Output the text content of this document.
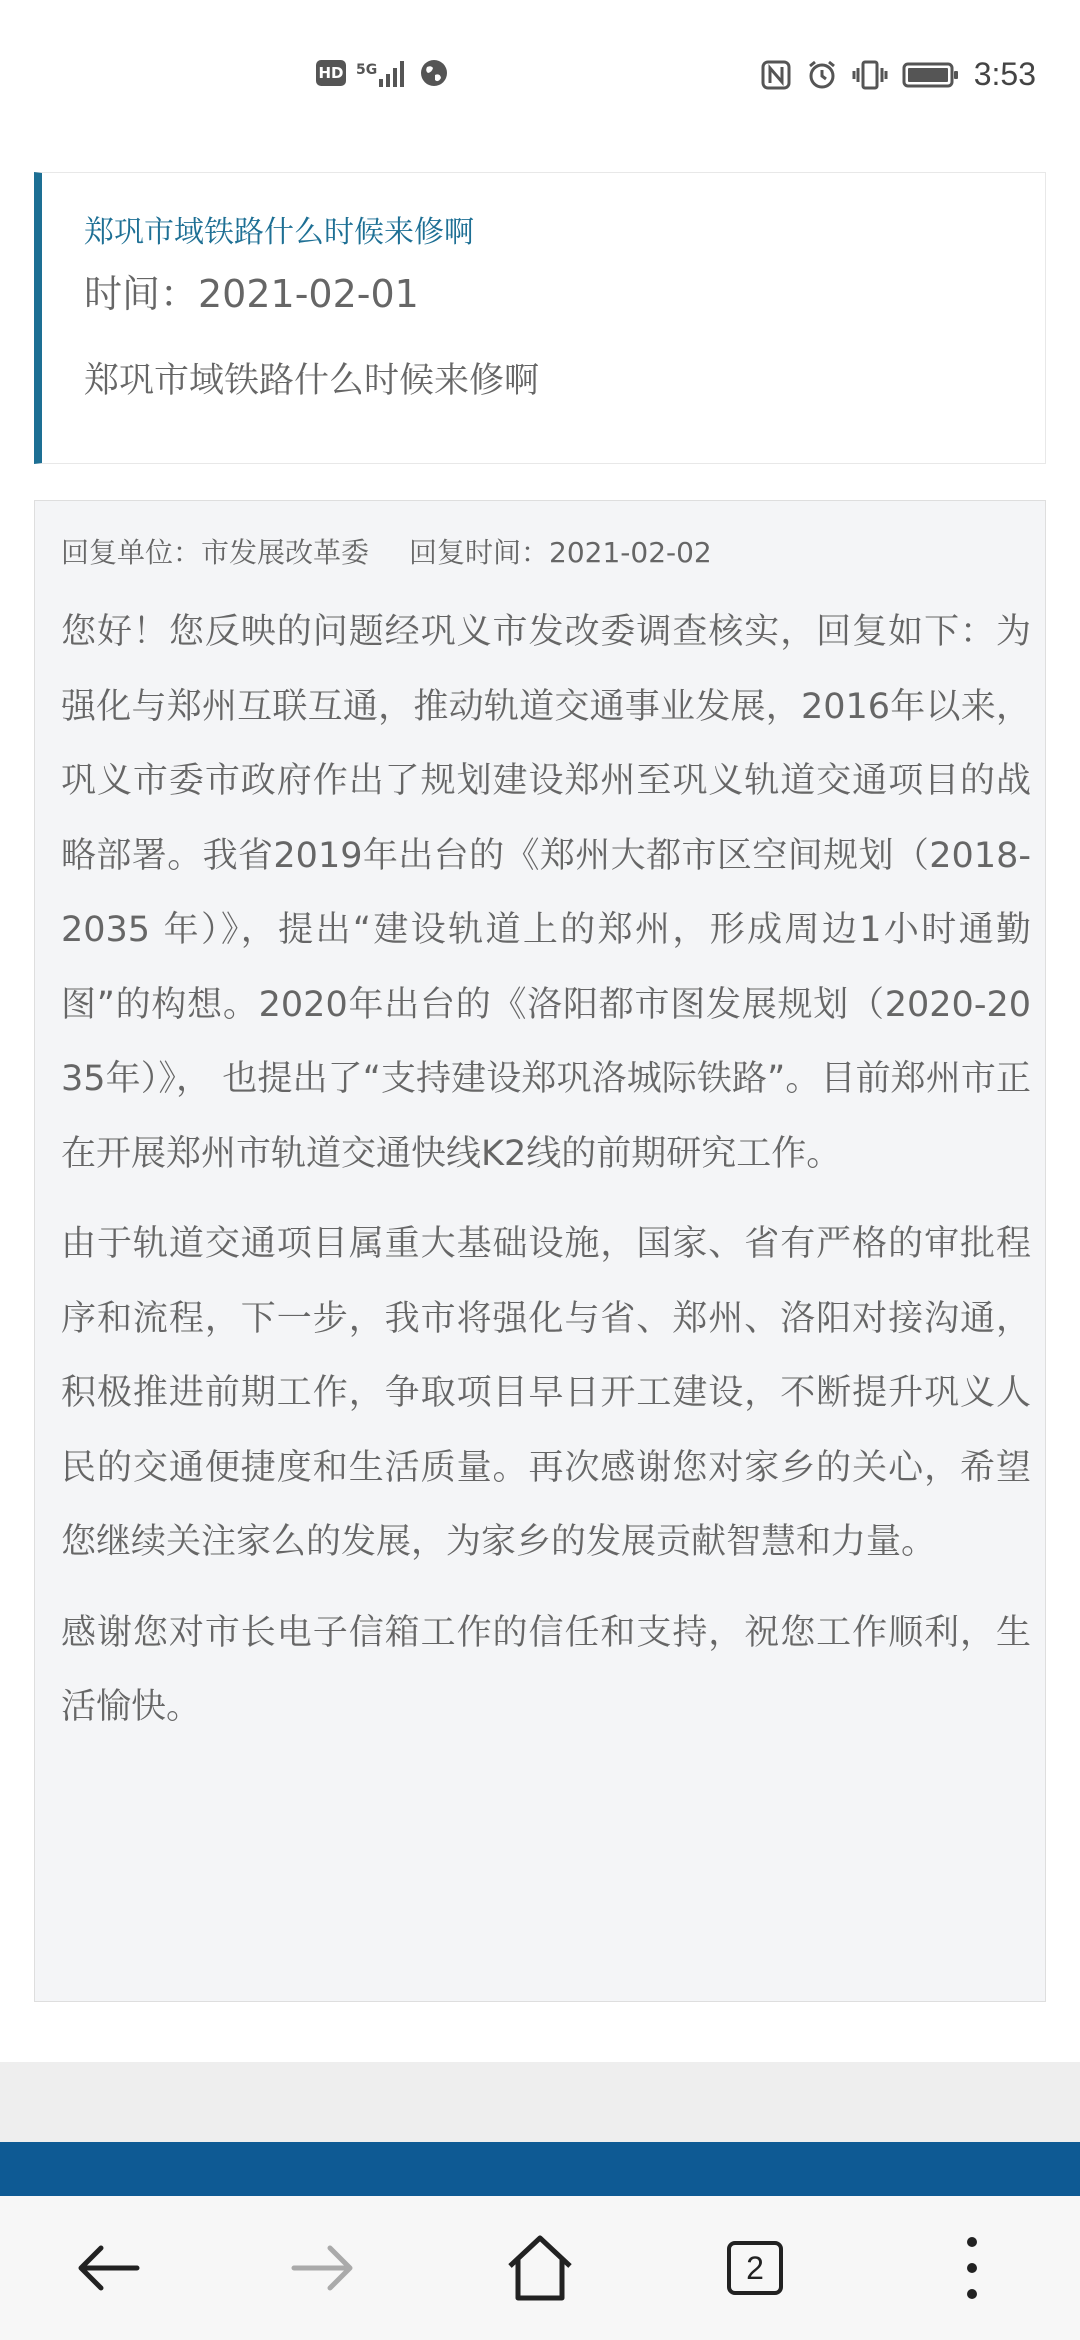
HD 5G	3:53
郑巩市域铁路什么时候来修啊
时间：2021-02-01
郑巩市域铁路什么时候来修啊
回复单位：市发展改革委 回复时间：2021-02-02

您好！您反映的问题经巩义市发改委调查核实，回复如下：为强化与郑州互联互通，推动轨道交通事业发展，2016年以来，巩义市委市政府作出了规划建设郑州至巩义轨道交通项目的战略部署。我省2019年出台的《郑州大都市区空间规划（2018-2035 年）》，提出“建设轨道上的郑州，形成周边1小时通勤图”的构想。2020年出台的《洛阳都市图发展规划（2020-2035年）》， 也提出了“支持建设郑巩洛城际铁路”。目前郑州市正在开展郑州市轨道交通快线K2线的前期研究工作。

由于轨道交通项目属重大基础设施，国家、省有严格的审批程序和流程，下一步，我市将强化与省、郑州、洛阳对接沟通，积极推进前期工作，争取项目早日开工建设，不断提升巩义人民的交通便捷度和生活质量。再次感谢您对家乡的关心，希望您继续关注家么的发展，为家乡的发展贡献智慧和力量。

感谢您对市长电子信箱工作的信任和支持，祝您工作顺利，生活愉快。

2
